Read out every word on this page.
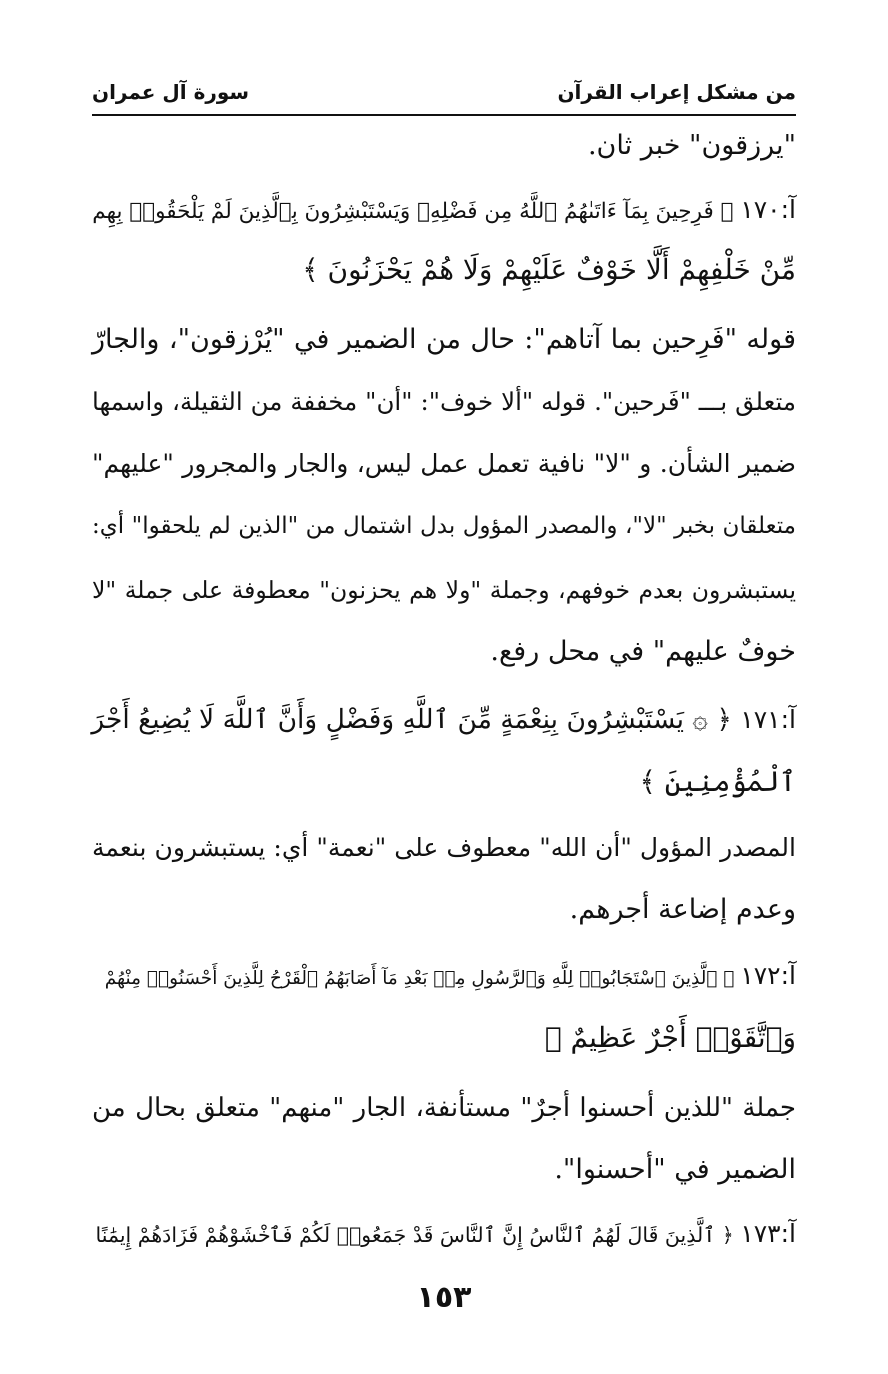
من مشكل إعراب القرآن
سورة آل عمران
"يرزقون" خبر ثان.
آ:١٧٠ ﴿ فَرِحِينَ بِمَآ ءَاتَىٰهُمُ ٱللَّهُ مِن فَضْلِهِۦ وَيَسْتَبْشِرُونَ بِٱلَّذِينَ لَمْ يَلْحَقُوا۟ بِهِم
مِّنْ خَلْفِهِمْ أَلَّا خَوْفٌ عَلَيْهِمْ وَلَا هُمْ يَحْزَنُونَ ﴾
قوله "فَرِحين بما آتاهم": حال من الضمير في "يُرْزقون"، والجارّ
متعلق بـــ "فَرحين". قوله "ألا خوف": "أن" مخففة من الثقيلة، واسمها
ضمير الشأن. و "لا" نافية تعمل عمل ليس، والجار والمجرور "عليهم"
متعلقان بخبر "لا"، والمصدر المؤول بدل اشتمال من "الذين لم يلحقوا" أي:
يستبشرون بعدم خوفهم، وجملة "ولا هم يحزنون" معطوفة على جملة "لا
خوفٌ عليهم" في محل رفع.
آ:١٧١ ﴿ ۞ يَسْتَبْشِرُونَ بِنِعْمَةٍ مِّنَ ٱللَّهِ وَفَضْلٍ وَأَنَّ ٱللَّهَ لَا يُضِيعُ أَجْرَ
ٱلْمُؤْمِنِينَ ﴾
المصدر المؤول "أن الله" معطوف على "نعمة" أي: يستبشرون بنعمة
وعدم إضاعة أجرهم.
آ:١٧٢ ﴿ ٱلَّذِينَ ٱسْتَجَابُوا۟ لِلَّهِ وَٱلرَّسُولِ مِنۢ بَعْدِ مَآ أَصَابَهُمُ ٱلْقَرْحُ لِلَّذِينَ أَحْسَنُوا۟ مِنْهُمْ
وَٱتَّقَوْا۟ أَجْرٌ عَظِيمٌ ﴾
جملة "للذين أحسنوا أجرٌ" مستأنفة، الجار "منهم" متعلق بحال من
الضمير في "أحسنوا".
آ:١٧٣ ﴿ ٱلَّذِينَ قَالَ لَهُمُ ٱلنَّاسُ إِنَّ ٱلنَّاسَ قَدْ جَمَعُوا۟ لَكُمْ فَٱخْشَوْهُمْ فَزَادَهُمْ إِيمَٰنًا
١٥٣
